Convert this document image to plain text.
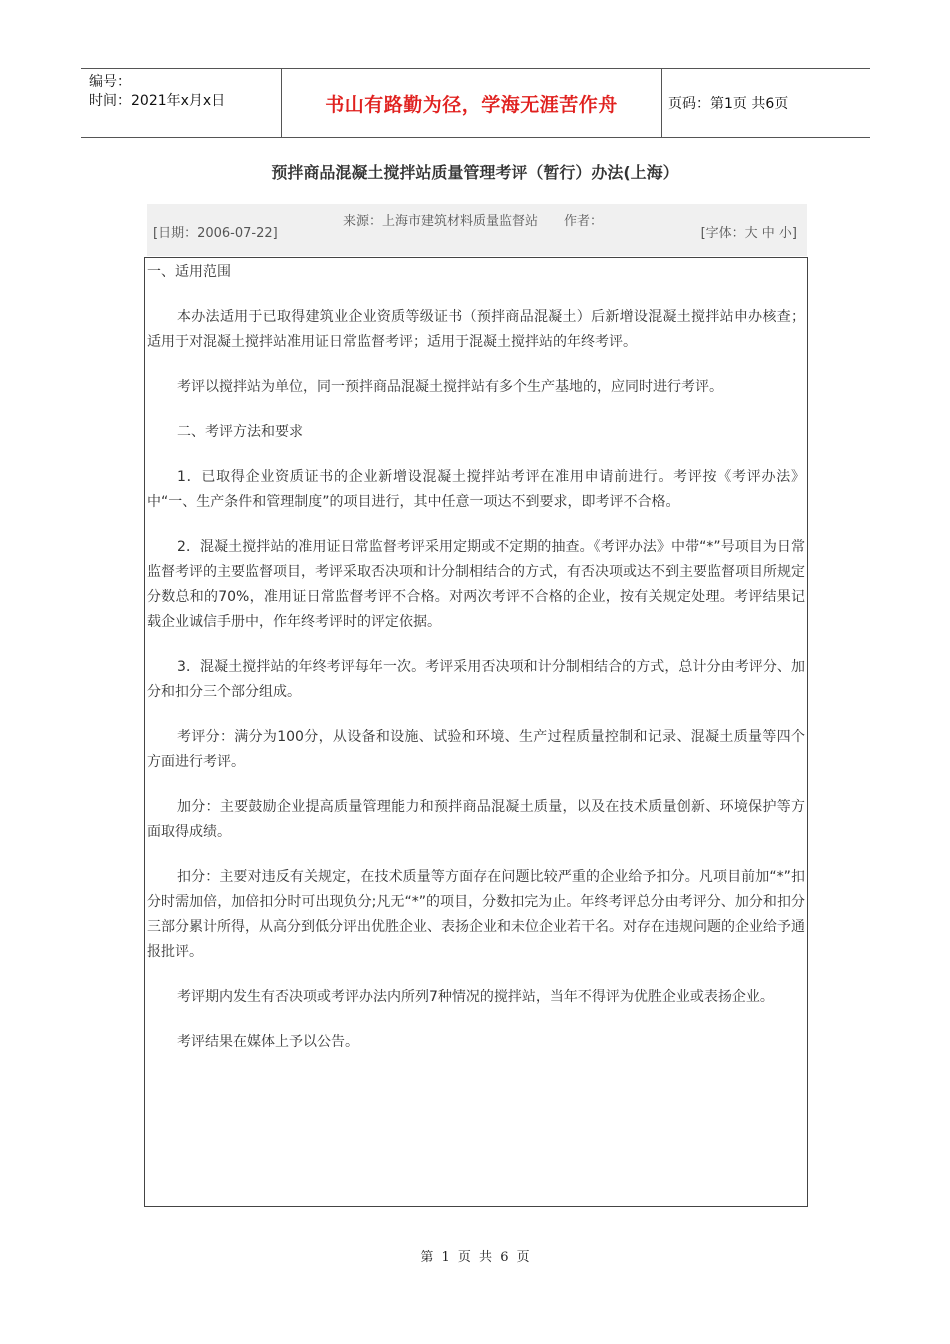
编号：
时间：2021年x月x日	书山有路勤为径，学海无涯苦作舟	页码：第1页 共6页
预拌商品混凝土搅拌站质量管理考评（暂行）办法(上海）
[日期：2006-07-22]
来源：上海市建筑材料质量监督站　　作者：
[字体：大 中 小]

一、适用范围

本办法适用于已取得建筑业企业资质等级证书（预拌商品混凝土）后新增设混凝土搅拌站申办核查；适用于对混凝土搅拌站准用证日常监督考评；适用于混凝土搅拌站的年终考评。

考评以搅拌站为单位，同一预拌商品混凝土搅拌站有多个生产基地的，应同时进行考评。

二、考评方法和要求

1．已取得企业资质证书的企业新增设混凝土搅拌站考评在准用申请前进行。考评按《考评办法》中“一、生产条件和管理制度”的项目进行，其中任意一项达不到要求，即考评不合格。

2．混凝土搅拌站的准用证日常监督考评采用定期或不定期的抽查。《考评办法》中带“*”号项目为日常监督考评的主要监督项目，考评采取否决项和计分制相结合的方式，有否决项或达不到主要监督项目所规定分数总和的70%，准用证日常监督考评不合格。对两次考评不合格的企业，按有关规定处理。考评结果记载企业诚信手册中，作年终考评时的评定依据。

3．混凝土搅拌站的年终考评每年一次。考评采用否决项和计分制相结合的方式，总计分由考评分、加分和扣分三个部分组成。

考评分：满分为100分，从设备和设施、试验和环境、生产过程质量控制和记录、混凝土质量等四个方面进行考评。

加分：主要鼓励企业提高质量管理能力和预拌商品混凝土质量，以及在技术质量创新、环境保护等方面取得成绩。

扣分：主要对违反有关规定，在技术质量等方面存在问题比较严重的企业给予扣分。凡项目前加“*”扣分时需加倍，加倍扣分时可出现负分;凡无“*”的项目，分数扣完为止。年终考评总分由考评分、加分和扣分三部分累计所得，从高分到低分评出优胜企业、表扬企业和未位企业若干名。对存在违规问题的企业给予通报批评。

考评期内发生有否决项或考评办法内所列7种情况的搅拌站，当年不得评为优胜企业或表扬企业。

考评结果在媒体上予以公告。

第 1 页 共 6 页
